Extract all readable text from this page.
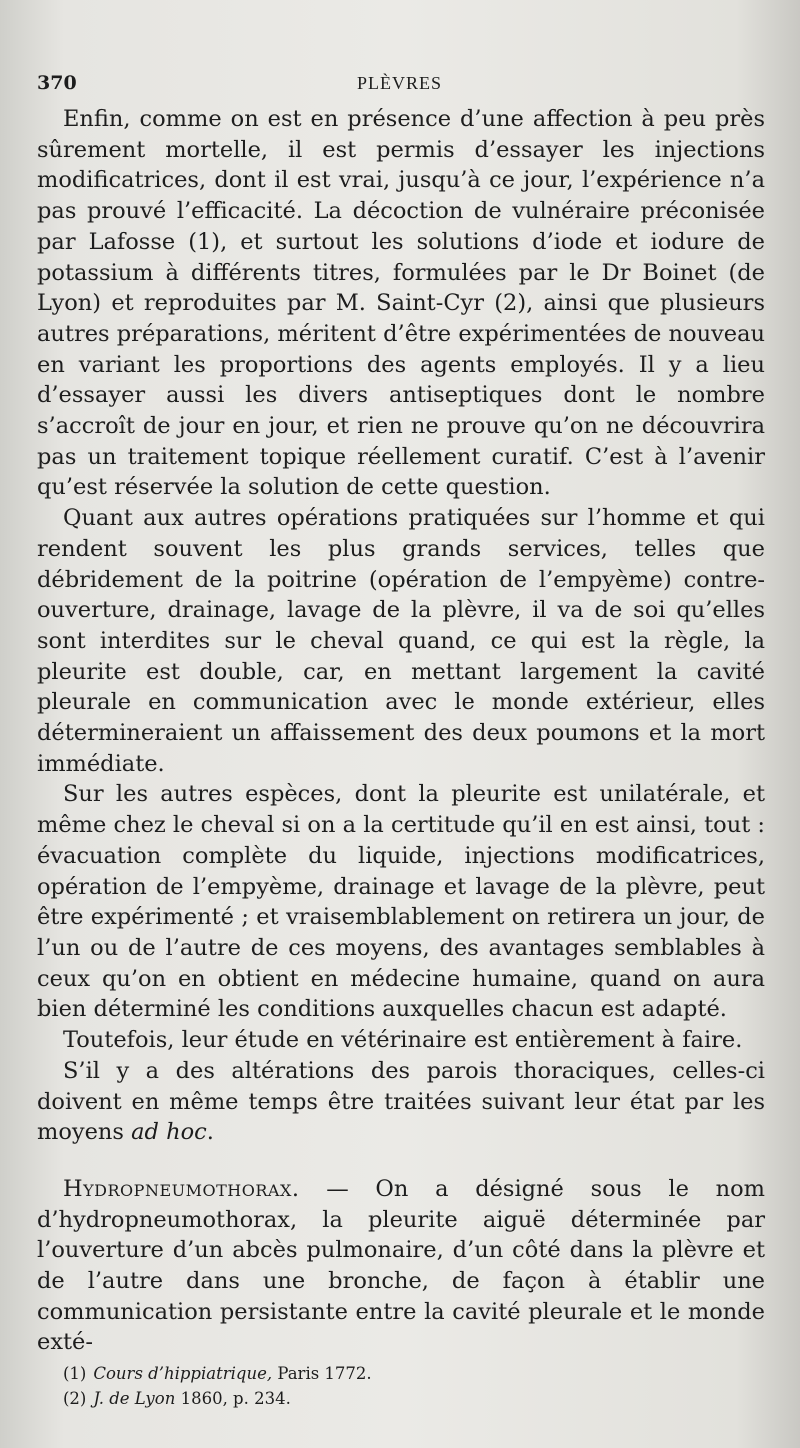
370	PLÈVRES

Enfin, comme on est en présence d’une affection à peu près sûrement mortelle, il est permis d’essayer les injections modificatrices, dont il est vrai, jusqu’à ce jour, l’expérience n’a pas prouvé l’efficacité. La décoction de vulnéraire préconisée par Lafosse (1), et surtout les solutions d’iode et iodure de potassium à différents titres, formulées par le Dr Boinet (de Lyon) et reproduites par M. Saint-Cyr (2), ainsi que plusieurs autres préparations, méritent d’être expérimentées de nouveau en variant les proportions des agents employés. Il y a lieu d’essayer aussi les divers antiseptiques dont le nombre s’accroît de jour en jour, et rien ne prouve qu’on ne découvrira pas un traitement topique réellement curatif. C’est à l’avenir qu’est réservée la solution de cette question.

Quant aux autres opérations pratiquées sur l’homme et qui rendent souvent les plus grands services, telles que débridement de la poitrine (opération de l’empyème) contre-ouverture, drainage, lavage de la plèvre, il va de soi qu’elles sont interdites sur le cheval quand, ce qui est la règle, la pleurite est double, car, en mettant largement la cavité pleurale en communication avec le monde extérieur, elles détermineraient un affaissement des deux poumons et la mort immédiate.

Sur les autres espèces, dont la pleurite est unilatérale, et même chez le cheval si on a la certitude qu’il en est ainsi, tout : évacuation complète du liquide, injections modificatrices, opération de l’empyème, drainage et lavage de la plèvre, peut être expérimenté ; et vraisemblablement on retirera un jour, de l’un ou de l’autre de ces moyens, des avantages semblables à ceux qu’on en obtient en médecine humaine, quand on aura bien déterminé les conditions auxquelles chacun est adapté.

Toutefois, leur étude en vétérinaire est entièrement à faire.

S’il y a des altérations des parois thoraciques, celles-ci doivent en même temps être traitées suivant leur état par les moyens ad hoc.

Hydropneumothorax. — On a désigné sous le nom d’hydropneumothorax, la pleurite aiguë déterminée par l’ouverture d’un abcès pulmonaire, d’un côté dans la plèvre et de l’autre dans une bronche, de façon à établir une communication persistante entre la cavité pleurale et le monde exté-

(1) Cours d’hippiatrique, Paris 1772.

(2) J. de Lyon 1860, p. 234.
